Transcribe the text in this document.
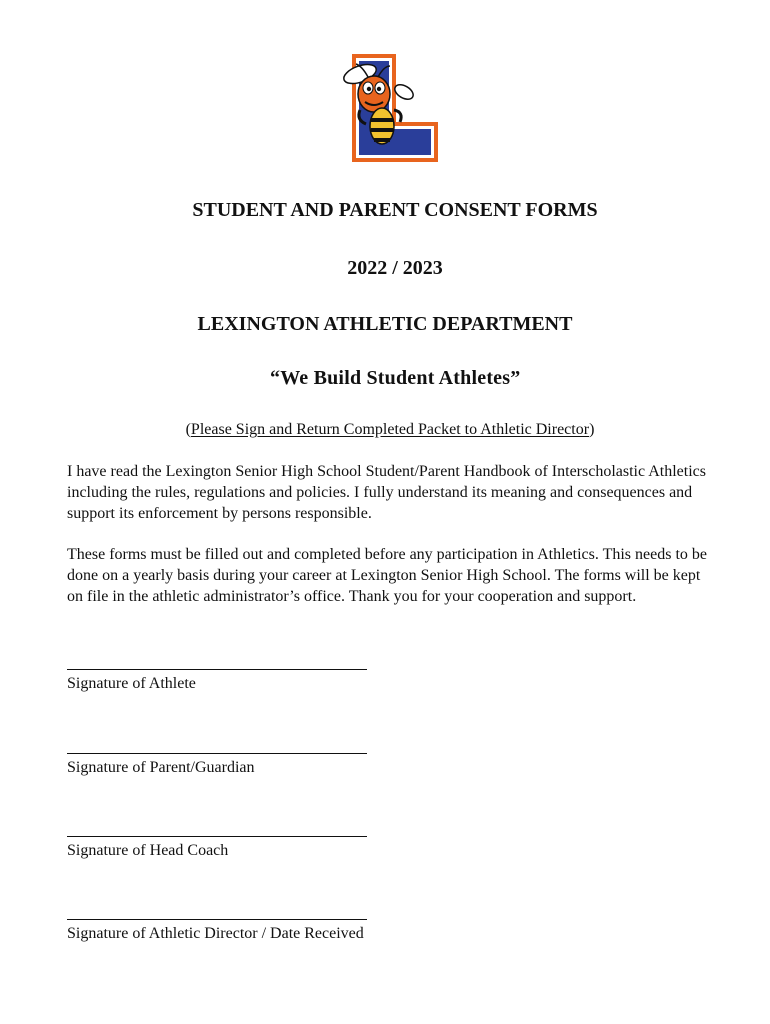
STUDENT AND PARENT CONSENT FORMS
2022 / 2023
LEXINGTON ATHLETIC DEPARTMENT

“We Build Student Athletes”

(Please Sign and Return Completed Packet to Athletic Director)

I have read the Lexington Senior High School Student/Parent Handbook of Interscholastic Athletics including the rules, regulations and policies. I fully understand its meaning and consequences and support its enforcement by persons responsible.

These forms must be filled out and completed before any participation in Athletics. This needs to be done on a yearly basis during your career at Lexington Senior High School. The forms will be kept on file in the athletic administrator’s office. Thank you for your cooperation and support.

Signature of Athlete
Signature of Parent/Guardian
Signature of Head Coach
Signature of Athletic Director / Date Received
